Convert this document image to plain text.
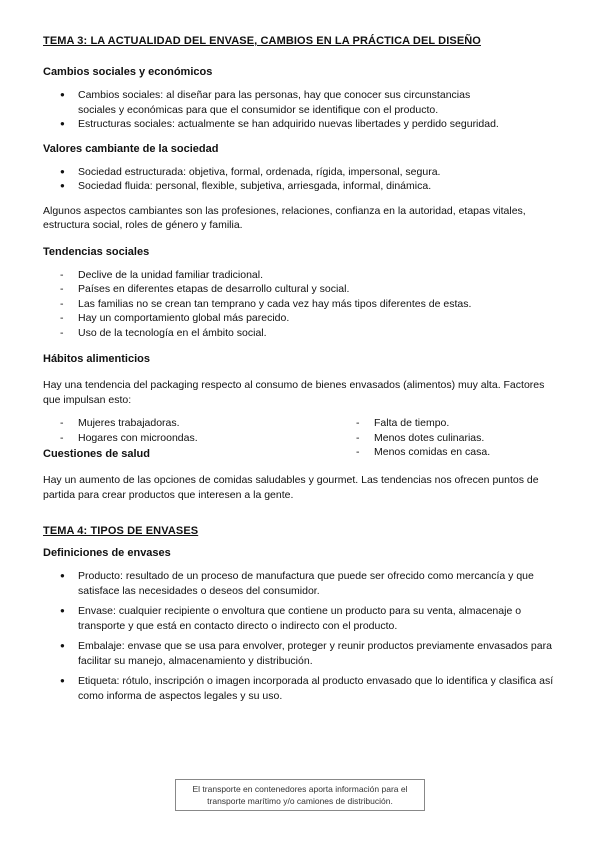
TEMA 3: LA ACTUALIDAD DEL ENVASE, CAMBIOS EN LA PRÁCTICA DEL DISEÑO

Cambios sociales y económicos

● Cambios sociales: al diseñar para las personas, hay que conocer sus circunstancias sociales y económicas para que el consumidor se identifique con el producto.
● Estructuras sociales: actualmente se han adquirido nuevas libertades y perdido seguridad.

Valores cambiante de la sociedad

● Sociedad estructurada: objetiva, formal, ordenada, rígida, impersonal, segura.
● Sociedad fluida: personal, flexible, subjetiva, arriesgada, informal, dinámica.

Algunos aspectos cambiantes son las profesiones, relaciones, confianza en la autoridad, etapas vitales, estructura social, roles de género y familia.

Tendencias sociales

- Declive de la unidad familiar tradicional.
- Países en diferentes etapas de desarrollo cultural y social.
- Las familias no se crean tan temprano y cada vez hay más tipos diferentes de estas.
- Hay un comportamiento global más parecido.
- Uso de la tecnología en el ámbito social.

Hábitos alimenticios

Hay una tendencia del packaging respecto al consumo de bienes envasados (alimentos) muy alta. Factores que impulsan esto:

- Mujeres trabajadoras.
- Hogares con microondas.
- Falta de tiempo.
- Menos dotes culinarias.
- Menos comidas en casa.

Cuestiones de salud

Hay un aumento de las opciones de comidas saludables y gourmet. Las tendencias nos ofrecen puntos de partida para crear productos que interesen a la gente.

TEMA 4: TIPOS DE ENVASES

Definiciones de envases

● Producto: resultado de un proceso de manufactura que puede ser ofrecido como mercancía y que satisface las necesidades o deseos del consumidor.
● Envase: cualquier recipiente o envoltura que contiene un producto para su venta, almacenaje o transporte y que está en contacto directo o indirecto con el producto.
● Embalaje: envase que se usa para envolver, proteger y reunir productos previamente envasados para facilitar su manejo, almacenamiento y distribución.
● Etiqueta: rótulo, inscripción o imagen incorporada al producto envasado que lo identifica y clasifica así como informa de aspectos legales y su uso.
El transporte en contenedores aporta información para el transporte marítimo y/o camiones de distribución.
